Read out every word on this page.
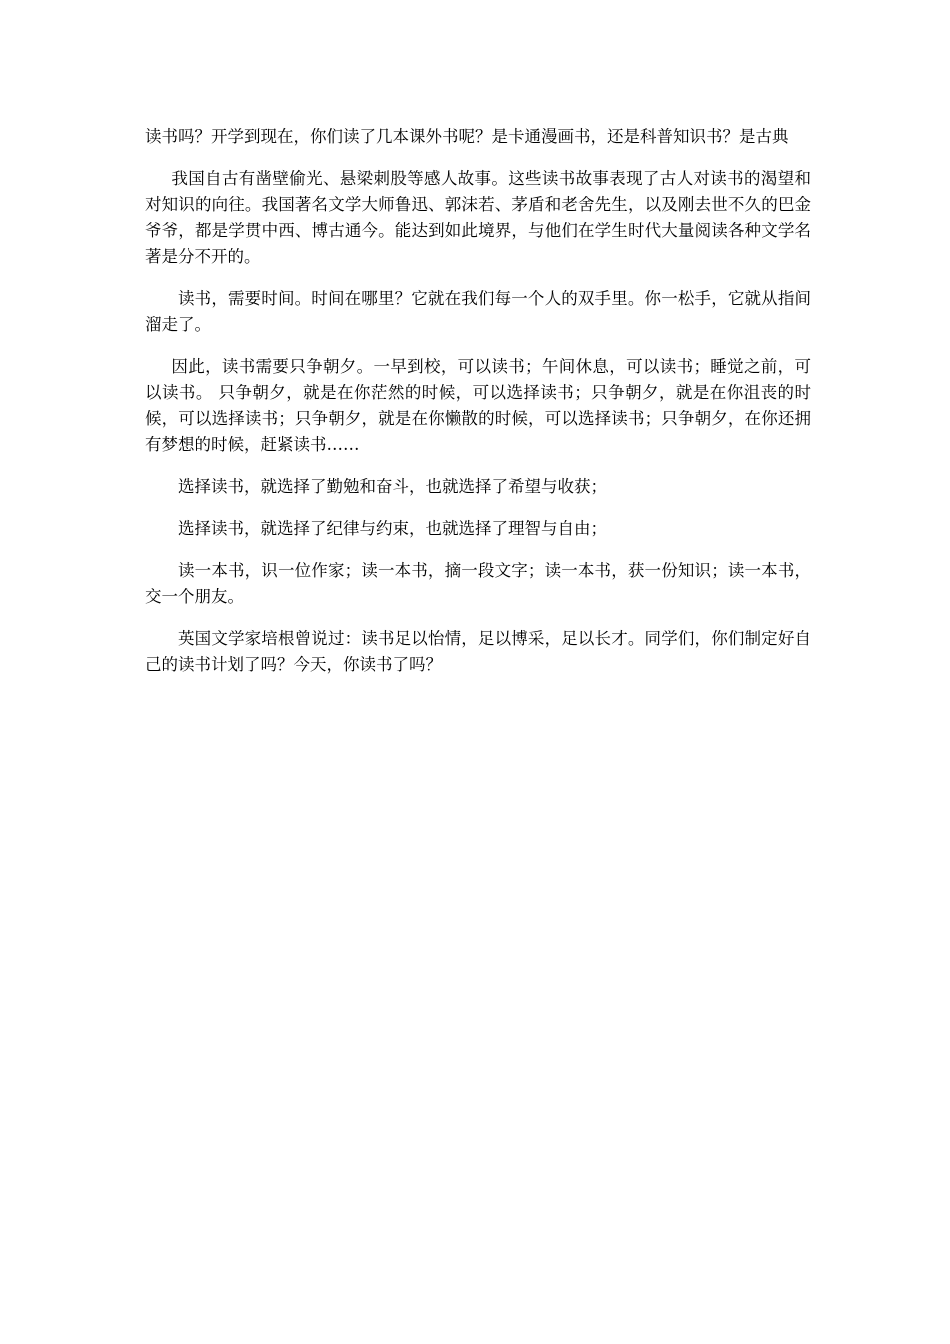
读书吗？开学到现在，你们读了几本课外书呢？是卡通漫画书，还是科普知识书？是古典

我国自古有凿壁偷光、悬梁刺股等感人故事。这些读书故事表现了古人对读书的渴望和对知识的向往。我国著名文学大师鲁迅、郭沫若、茅盾和老舍先生，以及刚去世不久的巴金爷爷，都是学贯中西、博古通今。能达到如此境界，与他们在学生时代大量阅读各种文学名著是分不开的。

读书，需要时间。时间在哪里？它就在我们每一个人的双手里。你一松手，它就从指间溜走了。

因此，读书需要只争朝夕。一早到校，可以读书；午间休息，可以读书；睡觉之前，可以读书。 只争朝夕，就是在你茫然的时候，可以选择读书；只争朝夕，就是在你沮丧的时候，可以选择读书；只争朝夕，就是在你懒散的时候，可以选择读书；只争朝夕，在你还拥有梦想的时候，赶紧读书……

选择读书，就选择了勤勉和奋斗，也就选择了希望与收获；

选择读书，就选择了纪律与约束，也就选择了理智与自由；

读一本书，识一位作家；读一本书，摘一段文字；读一本书，获一份知识；读一本书，交一个朋友。

英国文学家培根曾说过：读书足以怡情，足以博采，足以长才。同学们，你们制定好自己的读书计划了吗？今天，你读书了吗？
